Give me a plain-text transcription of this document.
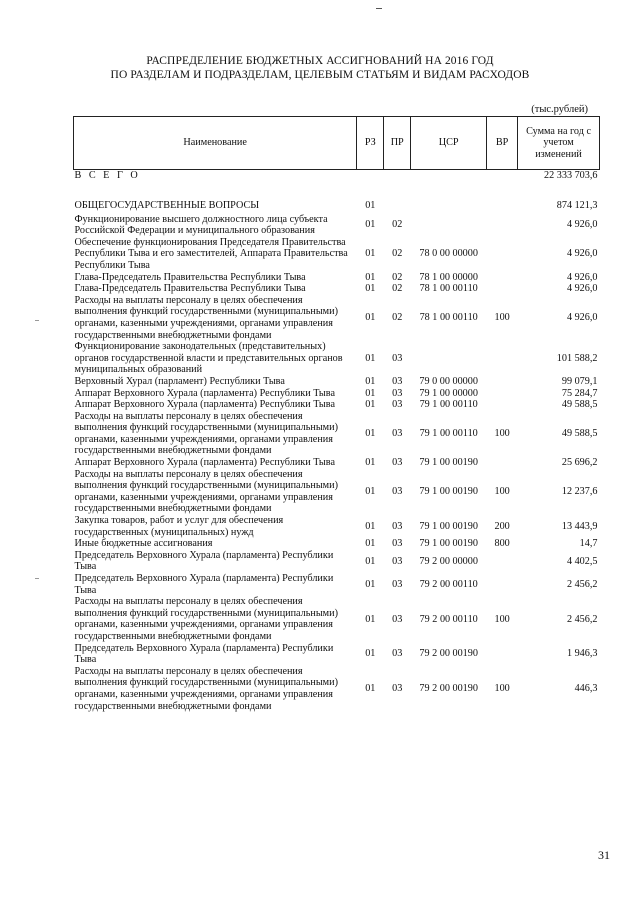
РАСПРЕДЕЛЕНИЕ БЮДЖЕТНЫХ АССИГНОВАНИЙ НА 2016 ГОД
ПО РАЗДЕЛАМ И ПОДРАЗДЕЛАМ, ЦЕЛЕВЫМ СТАТЬЯМ И ВИДАМ РАСХОДОВ
(тыс.рублей)
Наименование	РЗ	ПР	ЦСР	ВР	Сумма на год с учетом изменений
В С Е Г О					22 333 703,6
ОБЩЕГОСУДАРСТВЕННЫЕ ВОПРОСЫ	01				874 121,3
Функционирование высшего должностного лица субъекта Российской Федерации и муниципального образования	01	02			4 926,0
Обеспечение функционирования Председателя Правительства Республики Тыва и его заместителей, Аппарата Правительства Республики Тыва	01	02	78 0 00 00000		4 926,0
Глава-Председатель Правительства Республики Тыва	01	02	78 1 00 00000		4 926,0
Глава-Председатель Правительства Республики Тыва	01	02	78 1 00 00110		4 926,0
Расходы на выплаты персоналу в целях обеспечения выполнения функций государственными (муниципальными) органами, казенными учреждениями, органами управления государственными внебюджетными фондами	01	02	78 1 00 00110	100	4 926,0
Функционирование законодательных (представительных) органов государственной власти и представительных органов муниципальных образований	01	03			101 588,2
Верховный Хурал (парламент) Республики Тыва	01	03	79 0 00 00000		99 079,1
Аппарат Верховного Хурала (парламента) Республики Тыва	01	03	79 1 00 00000		75 284,7
Аппарат Верховного Хурала (парламента) Республики Тыва	01	03	79 1 00 00110		49 588,5
Расходы на выплаты персоналу в целях обеспечения выполнения функций государственными (муниципальными) органами, казенными учреждениями, органами управления государственными внебюджетными фондами	01	03	79 1 00 00110	100	49 588,5
Аппарат Верховного Хурала (парламента) Республики Тыва	01	03	79 1 00 00190		25 696,2
Расходы на выплаты персоналу в целях обеспечения выполнения функций государственными (муниципальными) органами, казенными учреждениями, органами управления государственными внебюджетными фондами	01	03	79 1 00 00190	100	12 237,6
Закупка товаров, работ и услуг для обеспечения государственных (муниципальных) нужд	01	03	79 1 00 00190	200	13 443,9
Иные бюджетные ассигнования	01	03	79 1 00 00190	800	14,7
Председатель Верховного Хурала (парламента) Республики Тыва	01	03	79 2 00 00000		4 402,5
Председатель Верховного Хурала (парламента) Республики Тыва	01	03	79 2 00 00110		2 456,2
Расходы на выплаты персоналу в целях обеспечения выполнения функций государственными (муниципальными) органами, казенными учреждениями, органами управления государственными внебюджетными фондами	01	03	79 2 00 00110	100	2 456,2
Председатель Верховного Хурала (парламента) Республики Тыва	01	03	79 2 00 00190		1 946,3
Расходы на выплаты персоналу в целях обеспечения выполнения функций государственными (муниципальными) органами, казенными учреждениями, органами управления государственными внебюджетными фондами	01	03	79 2 00 00190	100	446,3
31
